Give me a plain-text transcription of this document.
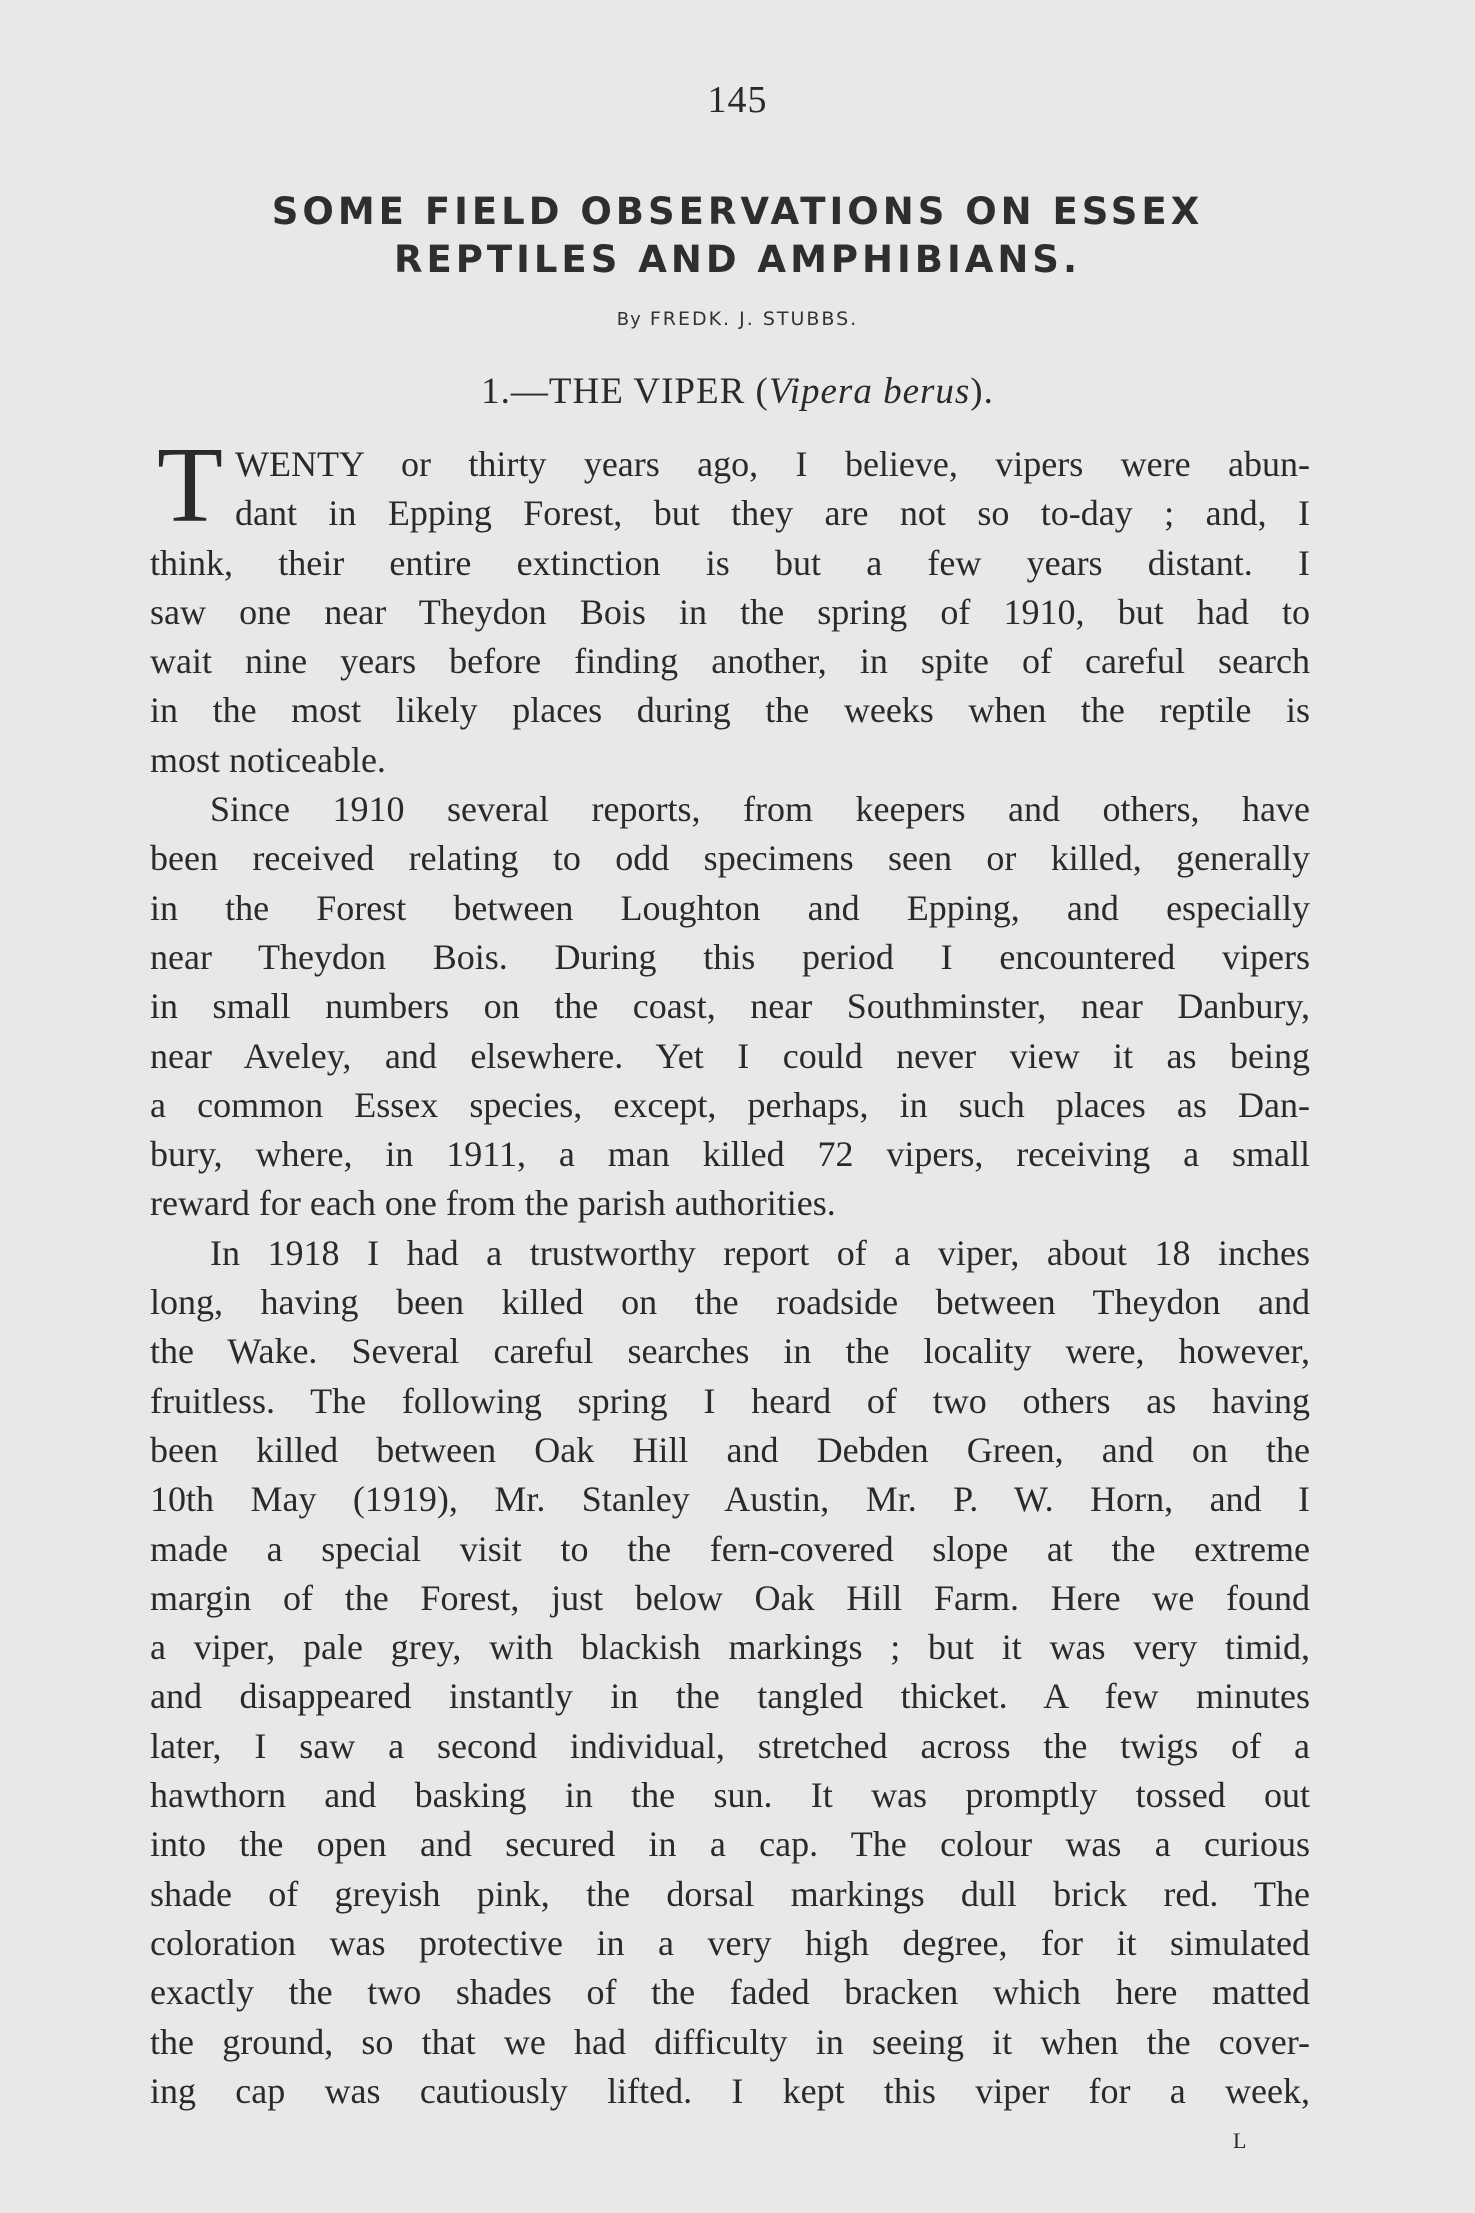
145
SOME FIELD OBSERVATIONS ON ESSEX
REPTILES AND AMPHIBIANS.
By FREDK. J. STUBBS.
1.—THE VIPER (Vipera berus).
T WENTY or thirty years ago, I believe, vipers were abun-
dant in Epping Forest, but they are not so to-day ; and, I
think, their entire extinction is but a few years distant. I
saw one near Theydon Bois in the spring of 1910, but had to
wait nine years before finding another, in spite of careful search
in the most likely places during the weeks when the reptile is
most noticeable.
Since 1910 several reports, from keepers and others, have
been received relating to odd specimens seen or killed, generally
in the Forest between Loughton and Epping, and especially
near Theydon Bois. During this period I encountered vipers
in small numbers on the coast, near Southminster, near Danbury,
near Aveley, and elsewhere. Yet I could never view it as being
a common Essex species, except, perhaps, in such places as Dan-
bury, where, in 1911, a man killed 72 vipers, receiving a small
reward for each one from the parish authorities.
In 1918 I had a trustworthy report of a viper, about 18 inches
long, having been killed on the roadside between Theydon and
the Wake. Several careful searches in the locality were, however,
fruitless. The following spring I heard of two others as having
been killed between Oak Hill and Debden Green, and on the
10th May (1919), Mr. Stanley Austin, Mr. P. W. Horn, and I
made a special visit to the fern-covered slope at the extreme
margin of the Forest, just below Oak Hill Farm. Here we found
a viper, pale grey, with blackish markings ; but it was very timid,
and disappeared instantly in the tangled thicket. A few minutes
later, I saw a second individual, stretched across the twigs of a
hawthorn and basking in the sun. It was promptly tossed out
into the open and secured in a cap. The colour was a curious
shade of greyish pink, the dorsal markings dull brick red. The
coloration was protective in a very high degree, for it simulated
exactly the two shades of the faded bracken which here matted
the ground, so that we had difficulty in seeing it when the cover-
ing cap was cautiously lifted. I kept this viper for a week,
L
